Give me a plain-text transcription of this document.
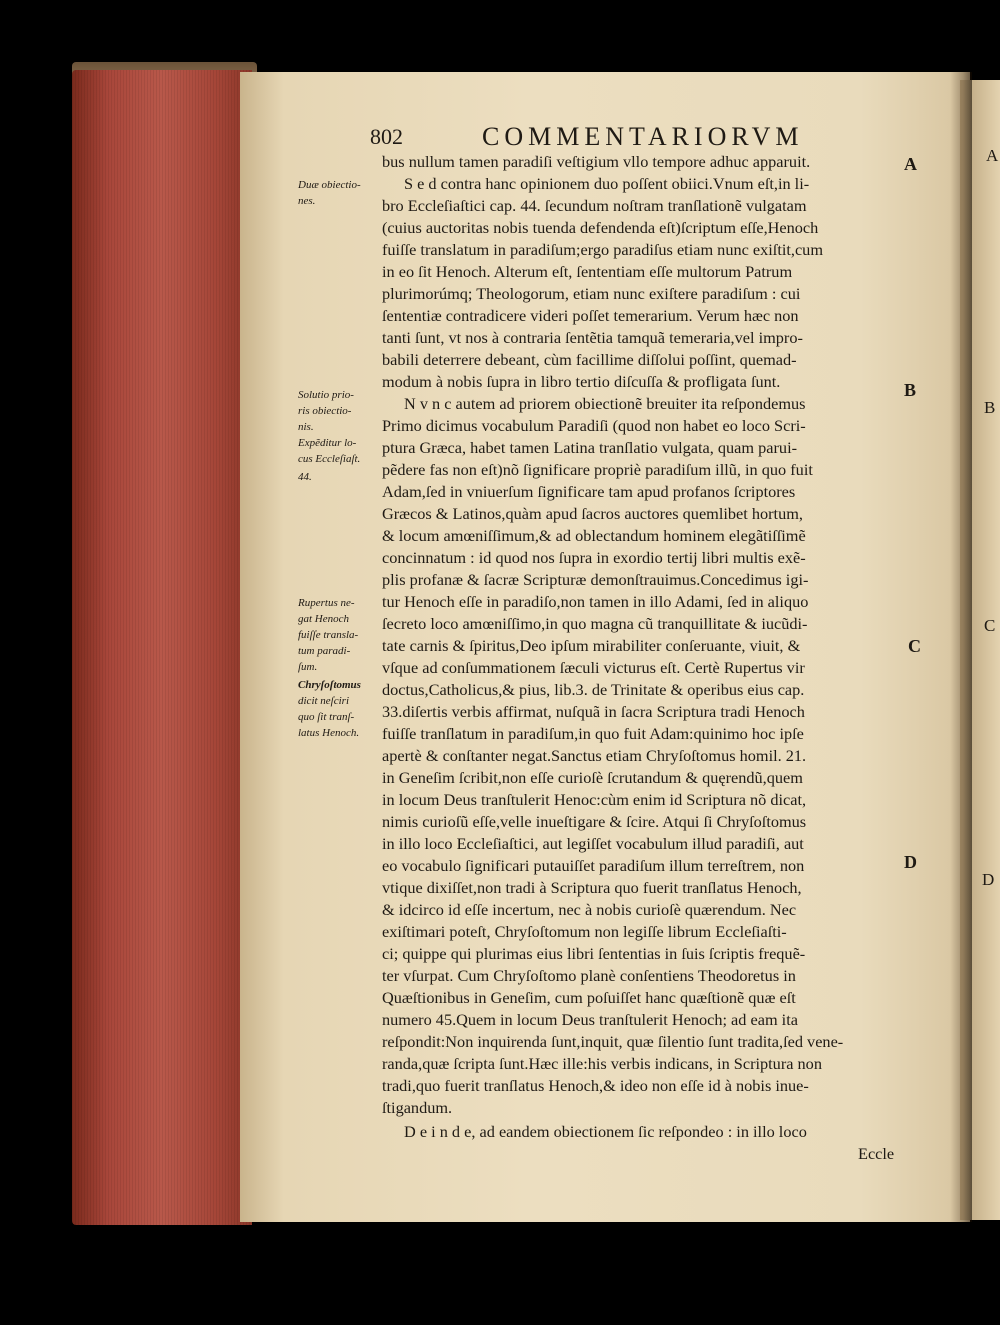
802	COMMENTARIORVM
bus nullum tamen paradiſi veſtigium vllo tempore adhuc apparuit.
S e d contra hanc opinionem duo poſſent obiici.Vnum eſt,in li-
bro Eccleſiaſtici cap. 44. ſecundum noſtram tranſlationẽ vulgatam
(cuius auctoritas nobis tuenda defendenda eſt)ſcriptum eſſe,Henoch
fuiſſe translatum in paradiſum;ergo paradiſus etiam nunc exiſtit,cum
in eo ſit Henoch. Alterum eſt, ſententiam eſſe multorum Patrum
plurimorúmq; Theologorum, etiam nunc exiſtere paradiſum : cui
ſententiæ contradicere videri poſſet temerarium. Verum hæc non
tanti ſunt, vt nos à contraria ſentẽtia tamquã temeraria,vel impro-
babili deterrere debeant, cùm facillime diſſolui poſſint, quemad-
modum à nobis ſupra in libro tertio diſcuſſa & profligata ſunt.
N v n c autem ad priorem obiectionẽ breuiter ita reſpondemus
Primo dicimus vocabulum Paradiſi (quod non habet eo loco Scri-
ptura Græca, habet tamen Latina tranſlatio vulgata, quam parui-
pẽdere fas non eſt)nõ ſignificare propriè paradiſum illũ, in quo fuit
Adam,ſed in vniuerſum ſignificare tam apud profanos ſcriptores
Græcos & Latinos,quàm apud ſacros auctores quemlibet hortum,
& locum amœniſſimum,& ad oblectandum hominem elegãtiſſimẽ
concinnatum : id quod nos ſupra in exordio tertij libri multis exẽ-
plis profanæ & ſacræ Scripturæ demonſtrauimus.Concedimus igi-
tur Henoch eſſe in paradiſo,non tamen in illo Adami, ſed in aliquo
ſecreto loco amœniſſimo,in quo magna cũ tranquillitate & iucũdi-
tate carnis & ſpiritus,Deo ipſum mirabiliter conſeruante, viuit, &
vſque ad conſummationem ſæculi victurus eſt. Certè Rupertus vir
doctus,Catholicus,& pius, lib.3. de Trinitate & operibus eius cap.
33.diſertis verbis affirmat, nuſquã in ſacra Scriptura tradi Henoch
fuiſſe tranſlatum in paradiſum,in quo fuit Adam:quinimo hoc ipſe
apertè & conſtanter negat.Sanctus etiam Chryſoſtomus homil. 21.
in Geneſim ſcribit,non eſſe curioſè ſcrutandum & quęrendũ,quem
in locum Deus tranſtulerit Henoc:cùm enim id Scriptura nõ dicat,
nimis curioſũ eſſe,velle inueſtigare & ſcire. Atqui ſi Chryſoſtomus
in illo loco Eccleſiaſtici, aut legiſſet vocabulum illud paradiſi, aut
eo vocabulo ſignificari putauiſſet paradiſum illum terreſtrem, non
vtique dixiſſet,non tradi à Scriptura quo fuerit tranſlatus Henoch,
& idcirco id eſſe incertum, nec à nobis curioſè quærendum. Nec
exiſtimari poteſt, Chryſoſtomum non legiſſe librum Eccleſiaſti-
ci; quippe qui plurimas eius libri ſententias in ſuis ſcriptis frequẽ-
ter vſurpat. Cum Chryſoſtomo planè conſentiens Theodoretus in
Quæſtionibus in Geneſim, cum poſuiſſet hanc quæſtionẽ quæ eſt
numero 45.Quem in locum Deus tranſtulerit Henoch; ad eam ita
reſpondit:Non inquirenda ſunt,inquit, quæ ſilentio ſunt tradita,ſed vene-
randa,quæ ſcripta ſunt.Hæc ille:his verbis indicans, in Scriptura non
tradi,quo fuerit tranſlatus Henoch,& ideo non eſſe id à nobis inue-
ſtigandum.
D e i n d e, ad eandem obiectionem ſic reſpondeo : in illo loco
Eccle
Duæ obiectio-
nes.
Solutio prio-
ris obiectio-
nis.
Expẽditur lo-
cus Eccleſiaſt.
44.
Rupertus ne-
gat Henoch
fuiſſe transla-
tum paradi-
ſum.
Chryſoſtomus
dicit neſciri
quo ſit tranſ-
latus Henoch.
A
B
C
D
A
B
C
D
